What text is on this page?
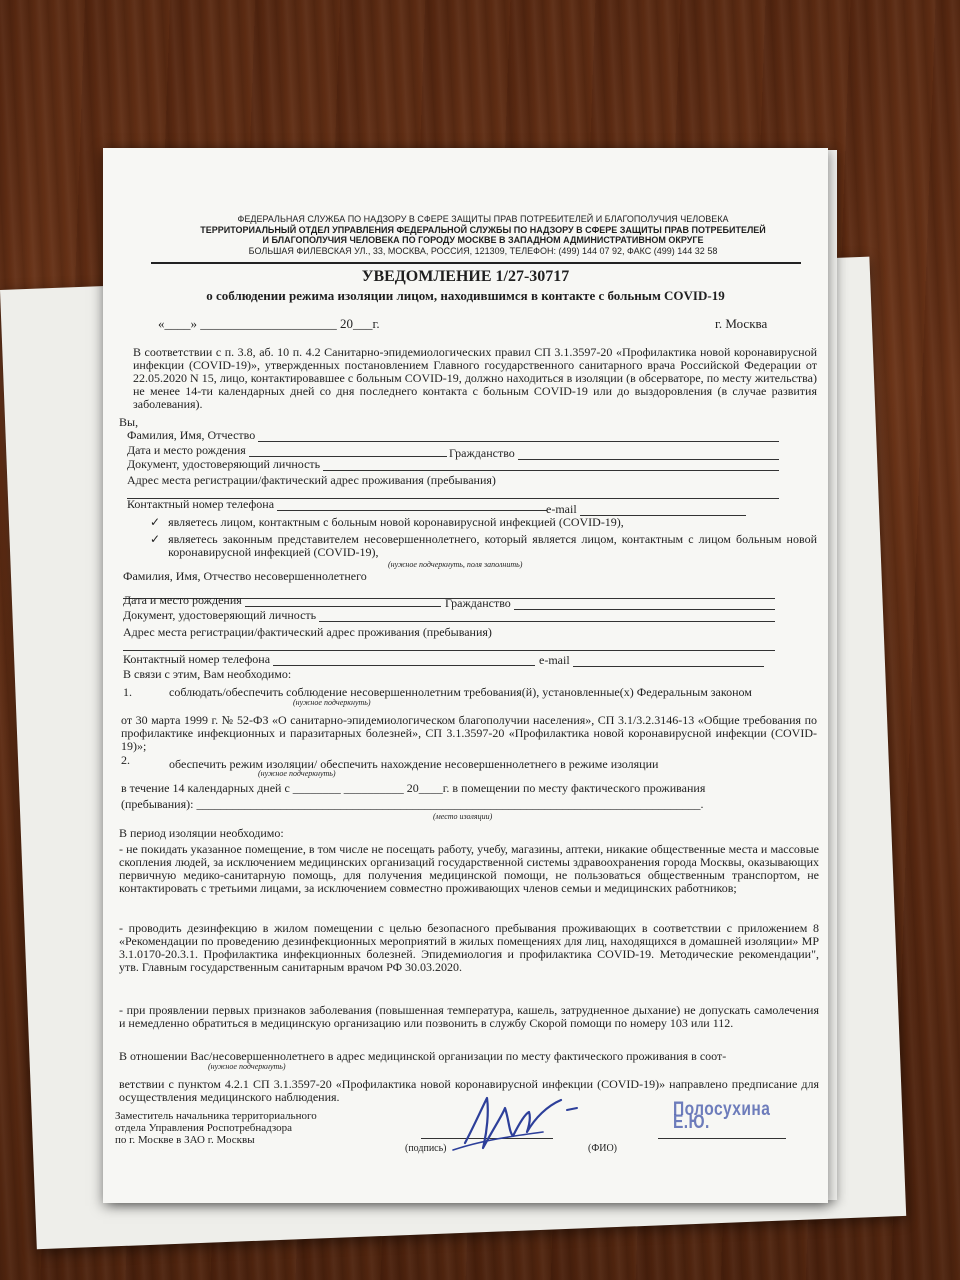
ФЕДЕРАЛЬНАЯ СЛУЖБА ПО НАДЗОРУ В СФЕРЕ ЗАЩИТЫ ПРАВ ПОТРЕБИТЕЛЕЙ И БЛАГОПОЛУЧИЯ ЧЕЛОВЕКА
ТЕРРИТОРИАЛЬНЫЙ ОТДЕЛ УПРАВЛЕНИЯ ФЕДЕРАЛЬНОЙ СЛУЖБЫ ПО НАДЗОРУ В СФЕРЕ ЗАЩИТЫ ПРАВ ПОТРЕБИТЕЛЕЙ
И БЛАГОПОЛУЧИЯ ЧЕЛОВЕКА ПО ГОРОДУ МОСКВЕ В ЗАПАДНОМ АДМИНИСТРАТИВНОМ ОКРУГЕ
БОЛЬШАЯ ФИЛЕВСКАЯ УЛ., 33, МОСКВА, РОССИЯ, 121309, ТЕЛЕФОН: (499) 144 07 92, ФАКС (499) 144 32 58
УВЕДОМЛЕНИЕ 1/27-30717
о соблюдении режима изоляции лицом, находившимся в контакте с больным COVID-19
«____» _____________________ 20___г.	г. Москва
В соответствии с п. 3.8, аб. 10 п. 4.2 Санитарно-эпидемиологических правил СП 3.1.3597-20 «Профилактика новой коронавирусной инфекции (COVID-19)», утвержденных постановлением Главного государственного санитарного врача Российской Федерации от 22.05.2020 N 15, лицо, контактировавшее с больным COVID-19, должно находиться в изоляции (в обсерваторе, по месту жительства) не менее 14-ти календарных дней со дня последнего контакта с больным COVID-19 или до выздоровления (в случае развития заболевания).
Вы,
Фамилия, Имя, Отчество
Дата и место рождения	Гражданство
Документ, удостоверяющий личность
Адрес места регистрации/фактический адрес проживания (пребывания)
Контактный номер телефона	e-mail
✓ являетесь лицом, контактным с больным новой коронавирусной инфекцией (COVID-19),
✓ являетесь законным представителем несовершеннолетнего, который является лицом, контактным с лицом больным новой коронавирусной инфекцией (COVID-19),
(нужное подчеркнуть, поля заполнить)
Фамилия, Имя, Отчество несовершеннолетнего
Дата и место рождения	Гражданство
Документ, удостоверяющий личность
Адрес места регистрации/фактический адрес проживания (пребывания)
Контактный номер телефона	e-mail
В связи с этим, Вам необходимо:
1.	соблюдать/обеспечить соблюдение несовершеннолетним требования(й), установленные(х) Федеральным законом
(нужное подчеркнуть)
от 30 марта 1999 г. № 52-ФЗ «О санитарно-эпидемиологическом благополучии населения», СП 3.1/3.2.3146-13 «Общие требования по профилактике инфекционных и паразитарных болезней», СП 3.1.3597-20 «Профилактика новой коронавирусной инфекции (COVID-19)»;
2.	обеспечить режим изоляции/ обеспечить нахождение несовершеннолетнего в режиме изоляции
(нужное подчеркнуть)
в течение 14 календарных дней с ________ __________ 20____г. в помещении по месту фактического проживания
(пребывания): ____________________________________________________________________________________.
(место изоляции)
В период изоляции необходимо:
- не покидать указанное помещение, в том числе не посещать работу, учебу, магазины, аптеки, никакие общественные места и массовые скопления людей, за исключением медицинских организаций государственной системы здравоохранения города Москвы, оказывающих первичную медико-санитарную помощь, для получения медицинской помощи, не пользоваться общественным транспортом, не контактировать с третьими лицами, за исключением совместно проживающих членов семьи и медицинских работников;
- проводить дезинфекцию в жилом помещении с целью безопасного пребывания проживающих в соответствии с приложением 8 «Рекомендации по проведению дезинфекционных мероприятий в жилых помещениях для лиц, находящихся в домашней изоляции» МР 3.1.0170-20.3.1. Профилактика инфекционных болезней. Эпидемиология и профилактика COVID-19. Методические рекомендации", утв. Главным государственным санитарным врачом РФ 30.03.2020.
- при проявлении первых признаков заболевания (повышенная температура, кашель, затрудненное дыхание) не допускать самолечения и немедленно обратиться в медицинскую организацию или позвонить в службу Скорой помощи по номеру 103 или 112.
В отношении Вас/несовершеннолетнего в адрес медицинской организации по месту фактического проживания в соот-
(нужное подчеркнуть)
ветствии с пунктом 4.2.1 СП 3.1.3597-20 «Профилактика новой коронавирусной инфекции (COVID-19)» направлено предписание для осуществления медицинского наблюдения.
Заместитель начальника территориального
отдела Управления Роспотребнадзора
по г. Москве в ЗАО г. Москвы
(подпись)	(ФИО)
Полосухина Е.Ю.
